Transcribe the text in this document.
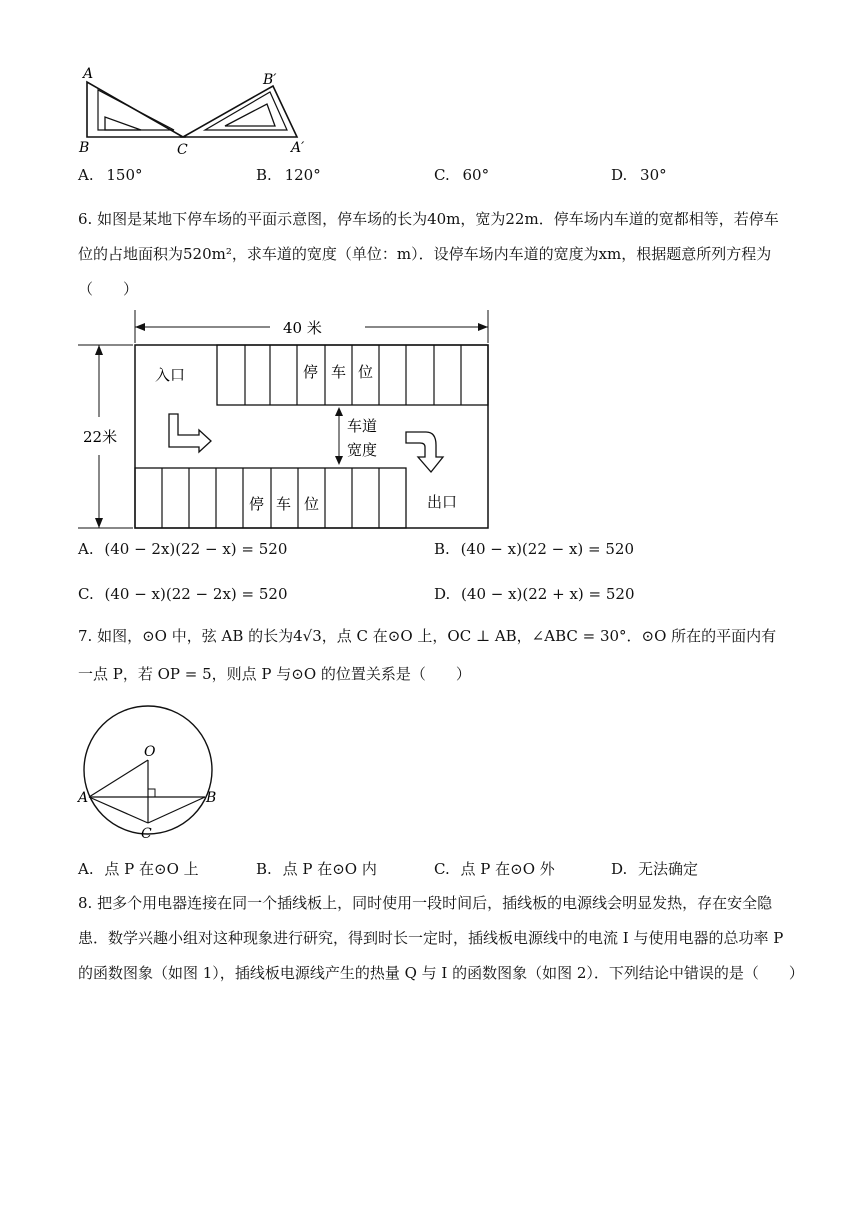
A
B	C
B′
A′
A. 150°	B. 120°	C. 60°	D. 30°
6. 如图是某地下停车场的平面示意图，停车场的长为40m，宽为22m．停车场内车道的宽都相等，若停车
位的占地面积为520m²，求车道的宽度（单位：m）．设停车场内车道的宽度为xm，根据题意所列方程为
（　　）
40 米
22米
停 车 位
入口
停 车 位	出口
车道
宽度
A. (40 − 2x)(22 − x) = 520	B. (40 − x)(22 − x) = 520
C. (40 − x)(22 − 2x) = 520	D. (40 − x)(22 + x) = 520
7. 如图，⊙O 中，弦 AB 的长为4√3，点 C 在⊙O 上，OC ⊥ AB，∠ABC = 30°．⊙O 所在的平面内有
一点 P，若 OP = 5，则点 P 与⊙O 的位置关系是（　　）
O
A	B
C
A. 点 P 在⊙O 上	B. 点 P 在⊙O 内	C. 点 P 在⊙O 外	D. 无法确定
8. 把多个用电器连接在同一个插线板上，同时使用一段时间后，插线板的电源线会明显发热，存在安全隐
患．数学兴趣小组对这种现象进行研究，得到时长一定时，插线板电源线中的电流 I 与使用电器的总功率 P
的函数图象（如图 1），插线板电源线产生的热量 Q 与 I 的函数图象（如图 2）．下列结论中错误的是（　　）
